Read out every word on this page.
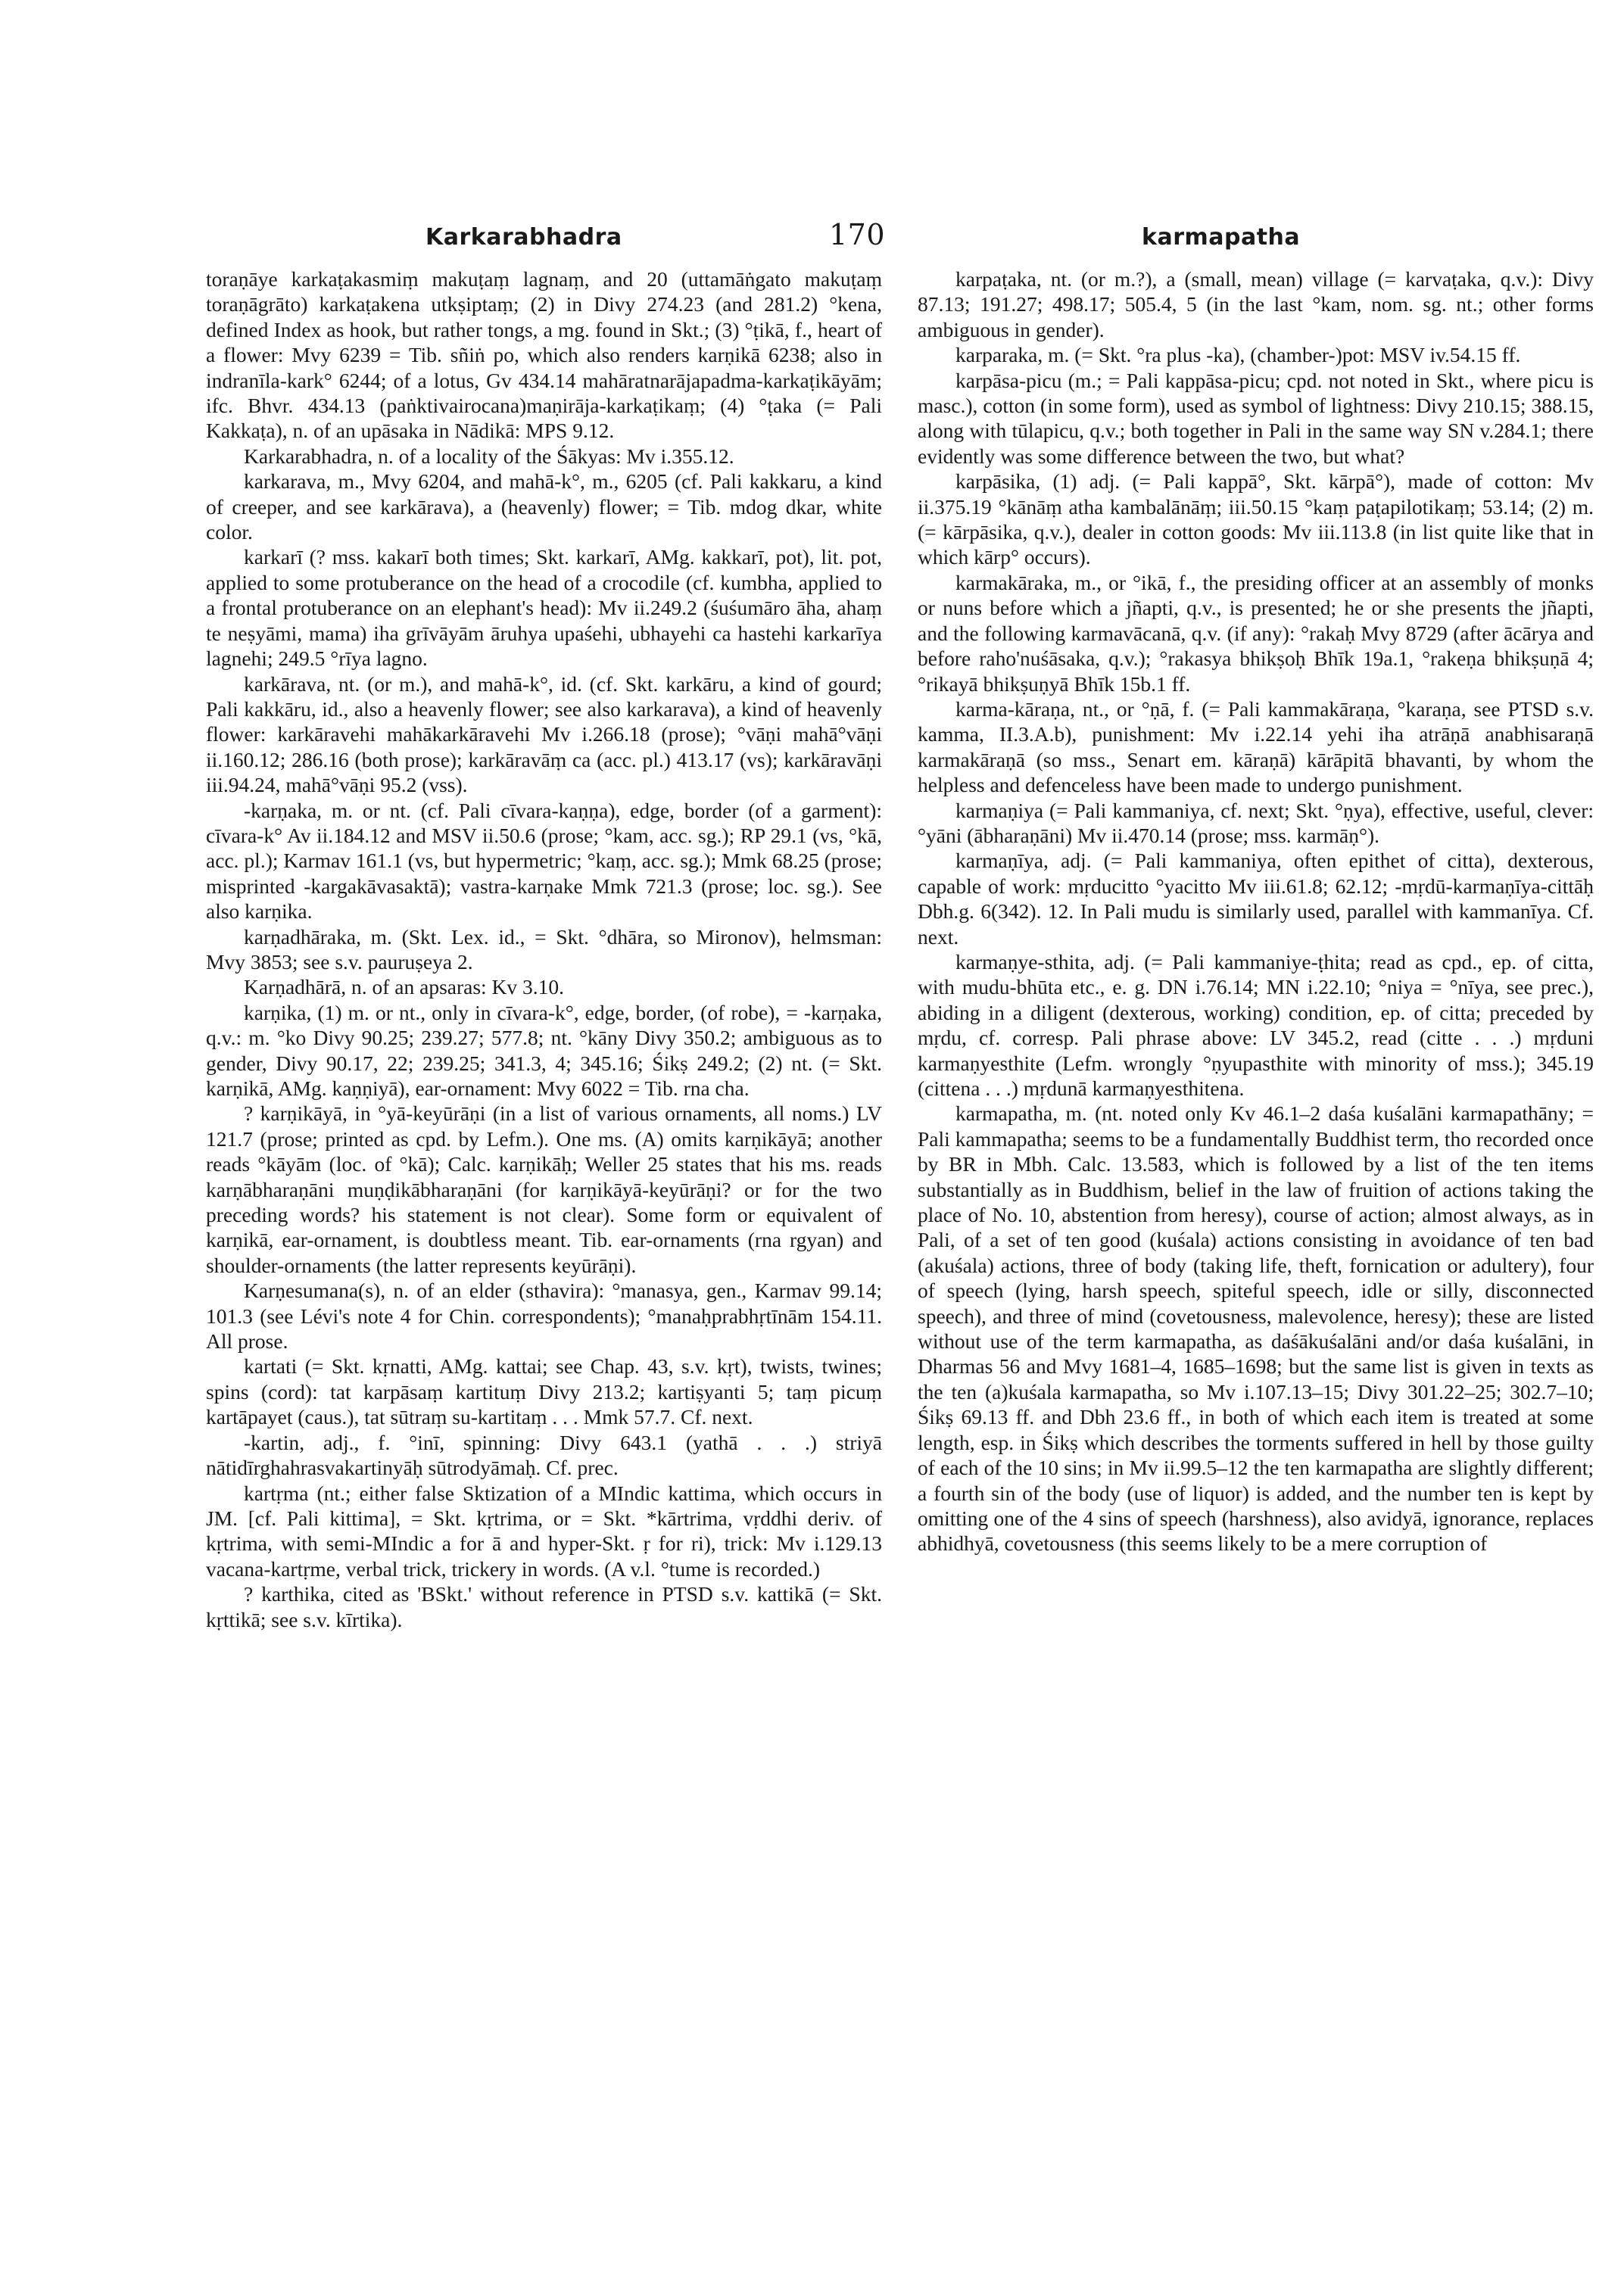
Karkarabhadra	170	karmapatha

toraṇāye karkaṭakasmiṃ makuṭaṃ lagnaṃ, and 20 (uttamāṅgato makuṭaṃ toraṇāgrāto) karkaṭakena utkṣiptaṃ; (2) in Divy 274.23 (and 281.2) °kena, defined Index as hook, but rather tongs, a mg. found in Skt.; (3) °ṭikā, f., heart of a flower: Mvy 6239 = Tib. sñiṅ po, which also renders karṇikā 6238; also in indranīla-kark° 6244; of a lotus, Gv 434.14 mahāratnarājapadma-karkaṭikāyām; ifc. Bhvr. 434.13 (paṅktivairocana)maṇirāja-karkaṭikaṃ; (4) °ṭaka (= Pali Kakkaṭa), n. of an upāsaka in Nādikā: MPS 9.12.

Karkarabhadra, n. of a locality of the Śākyas: Mv i.355.12.

karkarava, m., Mvy 6204, and mahā-k°, m., 6205 (cf. Pali kakkaru, a kind of creeper, and see karkārava), a (heavenly) flower; = Tib. mdog dkar, white color.

karkarī (? mss. kakarī both times; Skt. karkarī, AMg. kakkarī, pot), lit. pot, applied to some protuberance on the head of a crocodile (cf. kumbha, applied to a frontal protuberance on an elephant's head): Mv ii.249.2 (śuśumāro āha, ahaṃ te neṣyāmi, mama) iha grīvāyām āruhya upaśehi, ubhayehi ca hastehi karkarīya lagnehi; 249.5 °rīya lagno.

karkārava, nt. (or m.), and mahā-k°, id. (cf. Skt. karkāru, a kind of gourd; Pali kakkāru, id., also a heavenly flower; see also karkarava), a kind of heavenly flower: karkāravehi mahākarkāravehi Mv i.266.18 (prose); °vāṇi mahā°vāṇi ii.160.12; 286.16 (both prose); karkāravāṃ ca (acc. pl.) 413.17 (vs); karkāravāṇi iii.94.24, mahā°vāṇi 95.2 (vss).

-karṇaka, m. or nt. (cf. Pali cīvara-kaṇṇa), edge, border (of a garment): cīvara-k° Av ii.184.12 and MSV ii.50.6 (prose; °kam, acc. sg.); RP 29.1 (vs, °kā, acc. pl.); Karmav 161.1 (vs, but hypermetric; °kaṃ, acc. sg.); Mmk 68.25 (prose; misprinted -kargakāvasaktā); vastra-karṇake Mmk 721.3 (prose; loc. sg.). See also karṇika.

karṇadhāraka, m. (Skt. Lex. id., = Skt. °dhāra, so Mironov), helmsman: Mvy 3853; see s.v. pauruṣeya 2.

Karṇadhārā, n. of an apsaras: Kv 3.10.

karṇika, (1) m. or nt., only in cīvara-k°, edge, border, (of robe), = -karṇaka, q.v.: m. °ko Divy 90.25; 239.27; 577.8; nt. °kāny Divy 350.2; ambiguous as to gender, Divy 90.17, 22; 239.25; 341.3, 4; 345.16; Śikṣ 249.2; (2) nt. (= Skt. karṇikā, AMg. kaṇṇiyā), ear-ornament: Mvy 6022 = Tib. rna cha.

? karṇikāyā, in °yā-keyūrāṇi (in a list of various ornaments, all noms.) LV 121.7 (prose; printed as cpd. by Lefm.). One ms. (A) omits karṇikāyā; another reads °kāyām (loc. of °kā); Calc. karṇikāḥ; Weller 25 states that his ms. reads karṇābharaṇāni muṇḍikābharaṇāni (for karṇikāyā-keyūrāṇi? or for the two preceding words? his statement is not clear). Some form or equivalent of karṇikā, ear-ornament, is doubtless meant. Tib. ear-ornaments (rna rgyan) and shoulder-ornaments (the latter represents keyūrāṇi).

Karṇesumana(s), n. of an elder (sthavira): °manasya, gen., Karmav 99.14; 101.3 (see Lévi's note 4 for Chin. correspondents); °manaḥprabhṛtīnām 154.11. All prose.

kartati (= Skt. kṛnatti, AMg. kattai; see Chap. 43, s.v. kṛt), twists, twines; spins (cord): tat karpāsaṃ kartituṃ Divy 213.2; kartiṣyanti 5; taṃ picuṃ kartāpayet (caus.), tat sūtraṃ su-kartitaṃ . . . Mmk 57.7. Cf. next.

-kartin, adj., f. °inī, spinning: Divy 643.1 (yathā . . .) striyā nātidīrghahrasvakartinyāḥ sūtrodyāmaḥ. Cf. prec.

kartṛma (nt.; either false Sktization of a MIndic kattima, which occurs in JM. [cf. Pali kittima], = Skt. kṛtrima, or = Skt. *kārtrima, vṛddhi deriv. of kṛtrima, with semi-MIndic a for ā and hyper-Skt. ṛ for ri), trick: Mv i.129.13 vacana-kartṛme, verbal trick, trickery in words. (A v.l. °tume is recorded.)

? karthika, cited as 'BSkt.' without reference in PTSD s.v. kattikā (= Skt. kṛttikā; see s.v. kīrtika).

karpaṭaka, nt. (or m.?), a (small, mean) village (= karvaṭaka, q.v.): Divy 87.13; 191.27; 498.17; 505.4, 5 (in the last °kam, nom. sg. nt.; other forms ambiguous in gender).

karparaka, m. (= Skt. °ra plus -ka), (chamber-)pot: MSV iv.54.15 ff.

karpāsa-picu (m.; = Pali kappāsa-picu; cpd. not noted in Skt., where picu is masc.), cotton (in some form), used as symbol of lightness: Divy 210.15; 388.15, along with tūlapicu, q.v.; both together in Pali in the same way SN v.284.1; there evidently was some difference between the two, but what?

karpāsika, (1) adj. (= Pali kappā°, Skt. kārpā°), made of cotton: Mv ii.375.19 °kānāṃ atha kambalānāṃ; iii.50.15 °kaṃ paṭapilotikaṃ; 53.14; (2) m. (= kārpāsika, q.v.), dealer in cotton goods: Mv iii.113.8 (in list quite like that in which kārp° occurs).

karmakāraka, m., or °ikā, f., the presiding officer at an assembly of monks or nuns before which a jñapti, q.v., is presented; he or she presents the jñapti, and the following karmavācanā, q.v. (if any): °rakaḥ Mvy 8729 (after ācārya and before raho'nuśāsaka, q.v.); °rakasya bhikṣoḥ Bhīk 19a.1, °rakeṇa bhikṣuṇā 4; °rikayā bhikṣuṇyā Bhīk 15b.1 ff.

karma-kāraṇa, nt., or °ṇā, f. (= Pali kammakāraṇa, °karaṇa, see PTSD s.v. kamma, II.3.A.b), punishment: Mv i.22.14 yehi iha atrāṇā anabhisaraṇā karmakāraṇā (so mss., Senart em. kāraṇā) kārāpitā bhavanti, by whom the helpless and defenceless have been made to undergo punishment.

karmaṇiya (= Pali kammaniya, cf. next; Skt. °ṇya), effective, useful, clever: °yāni (ābharaṇāni) Mv ii.470.14 (prose; mss. karmāṇ°).

karmaṇīya, adj. (= Pali kammaniya, often epithet of citta), dexterous, capable of work: mṛducitto °yacitto Mv iii.61.8; 62.12; -mṛdū-karmaṇīya-cittāḥ Dbh.g. 6(342). 12. In Pali mudu is similarly used, parallel with kammanīya. Cf. next.

karmaṇye-sthita, adj. (= Pali kammaniye-ṭhita; read as cpd., ep. of citta, with mudu-bhūta etc., e. g. DN i.76.14; MN i.22.10; °niya = °nīya, see prec.), abiding in a diligent (dexterous, working) condition, ep. of citta; preceded by mṛdu, cf. corresp. Pali phrase above: LV 345.2, read (citte . . .) mṛduni karmaṇyesthite (Lefm. wrongly °ṇyupasthite with minority of mss.); 345.19 (cittena . . .) mṛdunā karmaṇyesthitena.

karmapatha, m. (nt. noted only Kv 46.1–2 daśa kuśalāni karmapathāny; = Pali kammapatha; seems to be a fundamentally Buddhist term, tho recorded once by BR in Mbh. Calc. 13.583, which is followed by a list of the ten items substantially as in Buddhism, belief in the law of fruition of actions taking the place of No. 10, abstention from heresy), course of action; almost always, as in Pali, of a set of ten good (kuśala) actions consisting in avoidance of ten bad (akuśala) actions, three of body (taking life, theft, fornication or adultery), four of speech (lying, harsh speech, spiteful speech, idle or silly, disconnected speech), and three of mind (covetousness, malevolence, heresy); these are listed without use of the term karmapatha, as daśākuśalāni and/or daśa kuśalāni, in Dharmas 56 and Mvy 1681–4, 1685–1698; but the same list is given in texts as the ten (a)kuśala karmapatha, so Mv i.107.13–15; Divy 301.22–25; 302.7–10; Śikṣ 69.13 ff. and Dbh 23.6 ff., in both of which each item is treated at some length, esp. in Śikṣ which describes the torments suffered in hell by those guilty of each of the 10 sins; in Mv ii.99.5–12 the ten karmapatha are slightly different; a fourth sin of the body (use of liquor) is added, and the number ten is kept by omitting one of the 4 sins of speech (harshness), also avidyā, ignorance, replaces abhidhyā, covetousness (this seems likely to be a mere corruption of
